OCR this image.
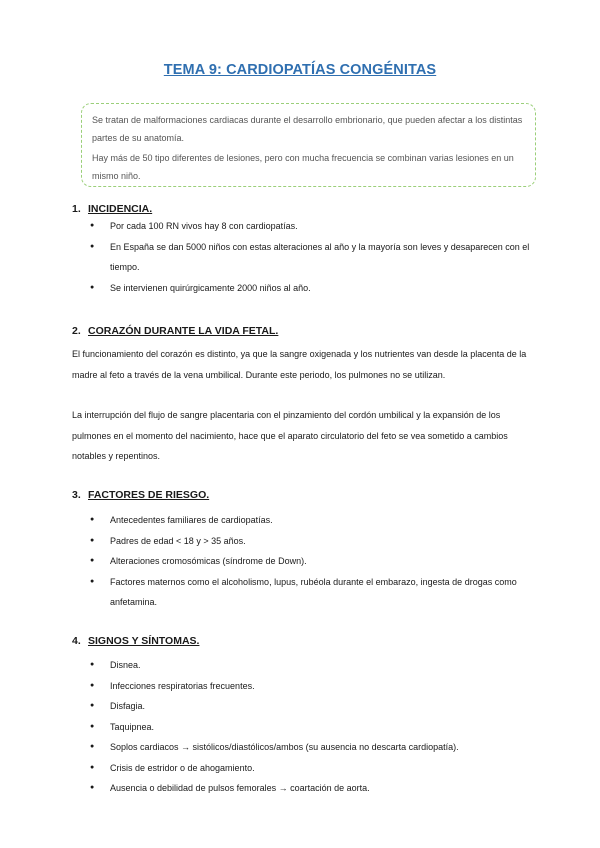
TEMA 9: CARDIOPATÍAS CONGÉNITAS

Se tratan de malformaciones cardiacas durante el desarrollo embrionario, que pueden afectar a los distintas partes de su anatomía.

Hay más de 50 tipo diferentes de lesiones, pero con mucha frecuencia se combinan varias lesiones en un mismo niño.

1. INCIDENCIA.
● Por cada 100 RN vivos hay 8 con cardiopatías.
● En España se dan 5000 niños con estas alteraciones al año y la mayoría son leves y desaparecen con el tiempo.
● Se intervienen quirúrgicamente 2000 niños al año.
2. CORAZÓN DURANTE LA VIDA FETAL.

El funcionamiento del corazón es distinto, ya que la sangre oxigenada y los nutrientes van desde la placenta de la madre al feto a través de la vena umbilical. Durante este periodo, los pulmones no se utilizan.

La interrupción del flujo de sangre placentaria con el pinzamiento del cordón umbilical y la expansión de los pulmones en el momento del nacimiento, hace que el aparato circulatorio del feto se vea sometido a cambios notables y repentinos.

3. FACTORES DE RIESGO.
● Antecedentes familiares de cardiopatías.
● Padres de edad < 18 y > 35 años.
● Alteraciones cromosómicas (síndrome de Down).
● Factores maternos como el alcoholismo, lupus, rubéola durante el embarazo, ingesta de drogas como anfetamina.
4. SIGNOS Y SÍNTOMAS.
● Disnea.
● Infecciones respiratorias frecuentes.
● Disfagia.
● Taquipnea.
● Soplos cardiacos → sistólicos/diastólicos/ambos (su ausencia no descarta cardiopatía).
● Crisis de estridor o de ahogamiento.
● Ausencia o debilidad de pulsos femorales → coartación de aorta.
